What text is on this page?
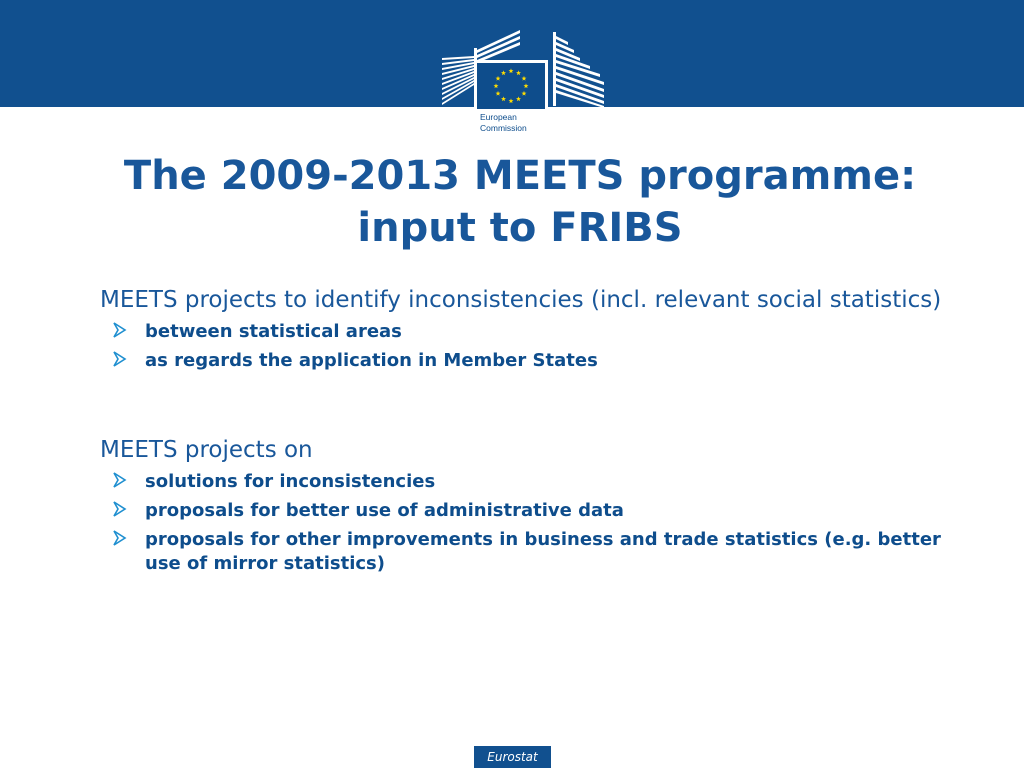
European
Commission
The 2009-2013 MEETS programme:
input to FRIBS

MEETS projects to identify inconsistencies (incl. relevant social statistics)

between statistical areas
as regards the application in Member States

MEETS projects on

solutions for inconsistencies
proposals for better use of administrative data
proposals for other improvements in business and trade statistics (e.g. better use of mirror statistics)
Eurostat
